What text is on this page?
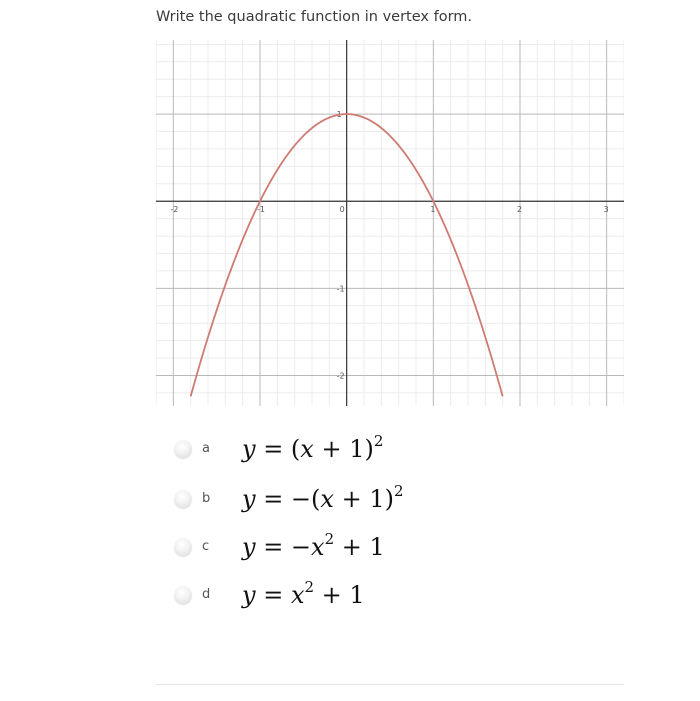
Write the quadratic function in vertex form.
-2	-1	0	1	2	3
-2
-1
1
a $y = (x + 1)^2$
b $y = -(x + 1)^2$
c $y = -x^2 + 1$
d $y = x^2 + 1$
